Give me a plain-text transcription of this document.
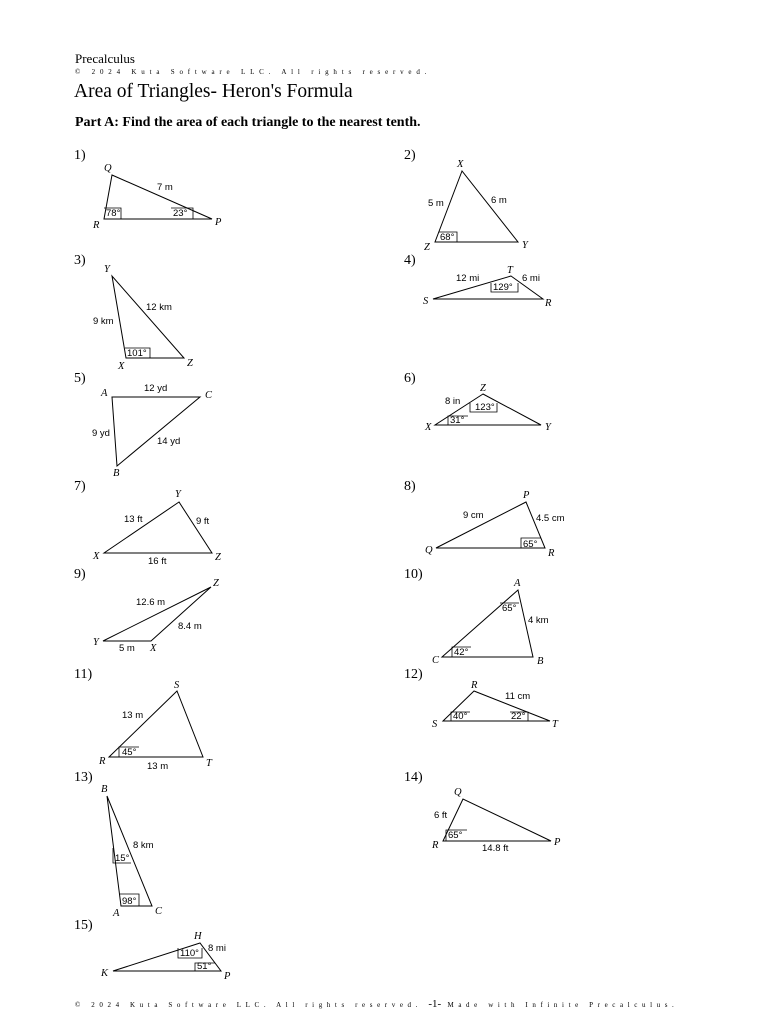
Precalculus
© 2024 Kuta Software LLC. All rights reserved.
Area of Triangles- Heron's Formula
Part A: Find the area of each triangle to the nearest tenth.
1)	2)
3)	4)
5)	6)
7)	8)
9)	10)
11)	12)
13)	14)
15)
Q
R	P
7 m
78°	23°
X
Z	Y
5 m	6 m
68°
Y
X	Z
12 km
9 km
101°
T
S	R
12 mi	6 mi
129°
A	C
B
12 yd
9 yd
14 yd
Z
X	Y
8 in
123°
31°
Y
X	Z
13 ft	9 ft
16 ft
P
Q	R
9 cm	4.5 cm
65°
Z
Y
X
12.6 m
8.4 m
5 m
A
C	B
65°
4 km
42°
S
R	T
13 m
45°
13 m
R
S	T
11 cm
40°	22°
B
A	C
8 km
15°
98°
Q
R	P
6 ft
65°
14.8 ft
H
K	P
8 mi
110°
51°
© 2024 Kuta Software LLC. All rights reserved. -1- Made with Infinite Precalculus.
